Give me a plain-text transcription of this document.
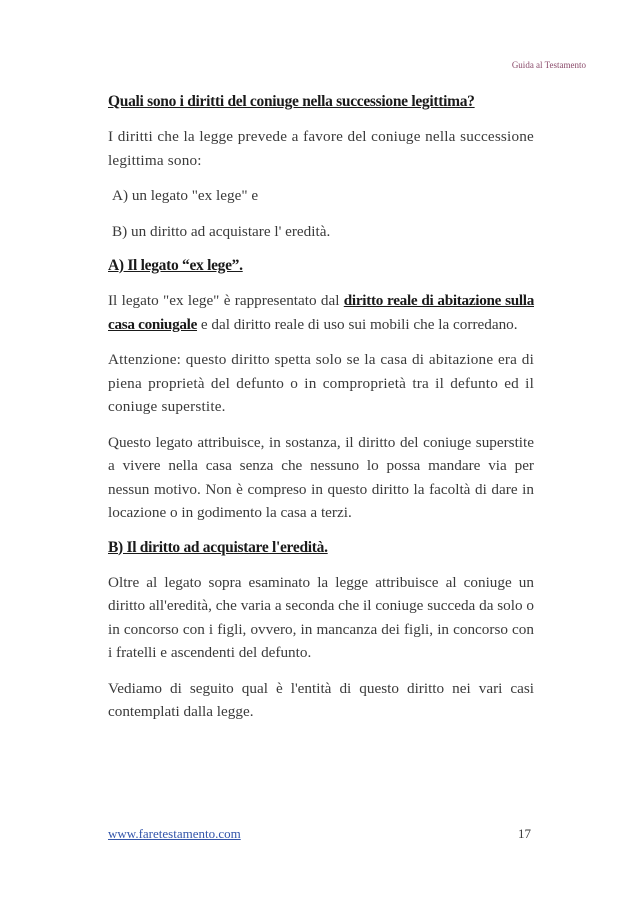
Guida al Testamento
Quali sono i diritti del coniuge nella successione legittima?

I diritti che la legge prevede a favore del coniuge nella successione legittima sono:

A) un legato "ex lege" e

B) un diritto ad acquistare l' eredità.

A) Il legato “ex lege”.

Il legato "ex lege" è rappresentato dal diritto reale di abitazione sulla casa coniugale e dal diritto reale di uso sui mobili che la corredano.

Attenzione: questo diritto spetta solo se la casa di abitazione era di piena proprietà del defunto o in comproprietà tra il defunto ed il coniuge superstite.

Questo legato attribuisce, in sostanza, il diritto del coniuge superstite a vivere nella casa senza che nessuno lo possa mandare via per nessun motivo. Non è compreso in questo diritto la facoltà di dare in locazione o in godimento la casa a terzi.

B) Il diritto ad acquistare l'eredità.

Oltre al legato sopra esaminato la legge attribuisce al coniuge un diritto all'eredità, che varia a seconda che il coniuge succeda da solo o in concorso con i figli, ovvero, in mancanza dei figli, in concorso con i fratelli e ascendenti del defunto.

Vediamo di seguito qual è l'entità di questo diritto nei vari casi contemplati dalla legge.

www.faretestamento.com	17
